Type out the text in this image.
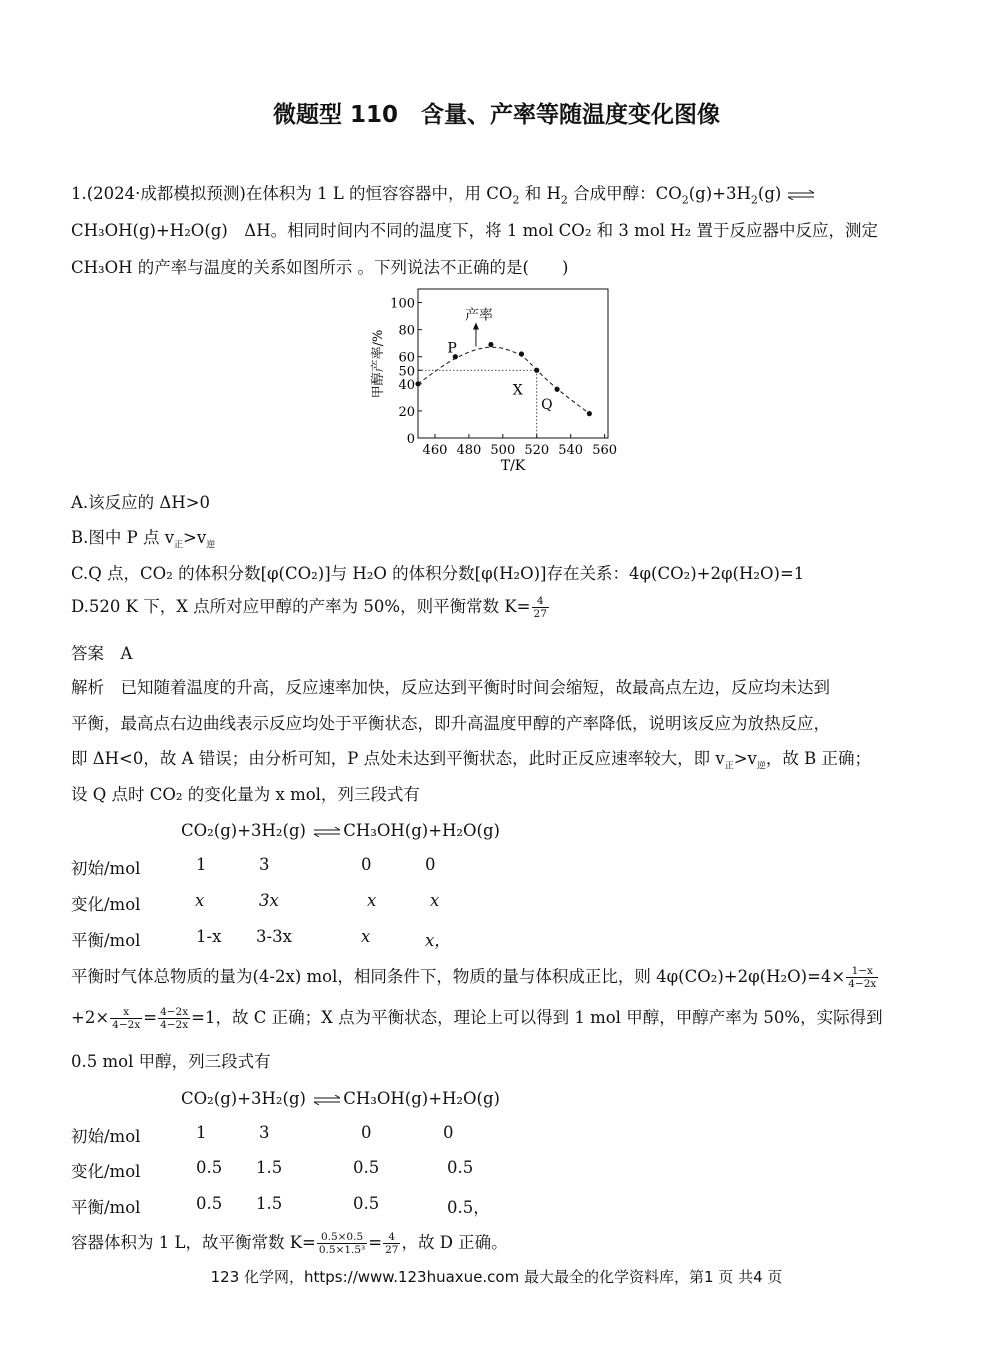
微题型 110　含量、产率等随温度变化图像
1.(2024·成都模拟预测)在体积为 1 L 的恒容容器中，用 $CO_2$ 和 $H_2$ 合成甲醇：$CO_2(g)+3H_2(g)$ ⇌
CH₃OH(g)+H₂O(g)　ΔH。相同时间内不同的温度下，将 1 mol CO₂ 和 3 mol H₂ 置于反应器中反应，测定
CH₃OH 的产率与温度的关系如图所示 。下列说法不正确的是(　　)
460 480 500 520 540 560
0
20
40
50
60
80
100
P
X
Q
产率
T/K
甲醇产率/%
A.该反应的 ΔH>0
B.图中 P 点 $v_正>v_逆$
C.Q 点，CO₂ 的体积分数[φ(CO₂)]与 H₂O 的体积分数[φ(H₂O)]存在关系：4φ(CO₂)+2φ(H₂O)=1
D.520 K 下，X 点所对应甲醇的产率为 50%，则平衡常数 $K= \frac{4}{27}$
答案　A
解析　已知随着温度的升高，反应速率加快，反应达到平衡时时间会缩短，故最高点左边，反应均未达到
平衡，最高点右边曲线表示反应均处于平衡状态，即升高温度甲醇的产率降低，说明该反应为放热反应，
即 ΔH<0，故 A 错误；由分析可知，P 点处未达到平衡状态，此时正反应速率较大，即 $v_正>v_逆$，故 B 正确；
设 Q 点时 CO₂ 的变化量为 x mol，列三段式有
CO₂(g)+3H₂(g) ⇌CH₃OH(g)+H₂O(g)
初始/mol	1	3	0	0
变化/mol	x	3x	x	x
平衡/mol	1-x 3-3x	x	x，
平衡时气体总物质的量为(4-2x) mol，相同条件下，物质的量与体积成正比，则 $4\varphi(CO_2)+2\varphi(H_2O)=4\times \frac{1-x}{4-2x}$
$+2\times \frac{x}{4-2x} = \frac{4-2x}{4-2x} =1$，故 C 正确；X 点为平衡状态，理论上可以得到 1 mol 甲醇，甲醇产率为 50%，实际得到
0.5 mol 甲醇，列三段式有
CO₂(g)+3H₂(g) ⇌CH₃OH(g)+H₂O(g)
初始/mol	1	3	0	0
变化/mol	0.5 1.5	0.5	0.5
平衡/mol	0.5 1.5	0.5	0.5，
容器体积为 1 L，故平衡常数 $K= \frac{0.5\times 0.5}{\text{0.5×1.5³}} = \frac{4}{27}$ ，故 D 正确。
123 化学网，https://www.123huaxue.com 最大最全的化学资料库，第1 页 共4 页
